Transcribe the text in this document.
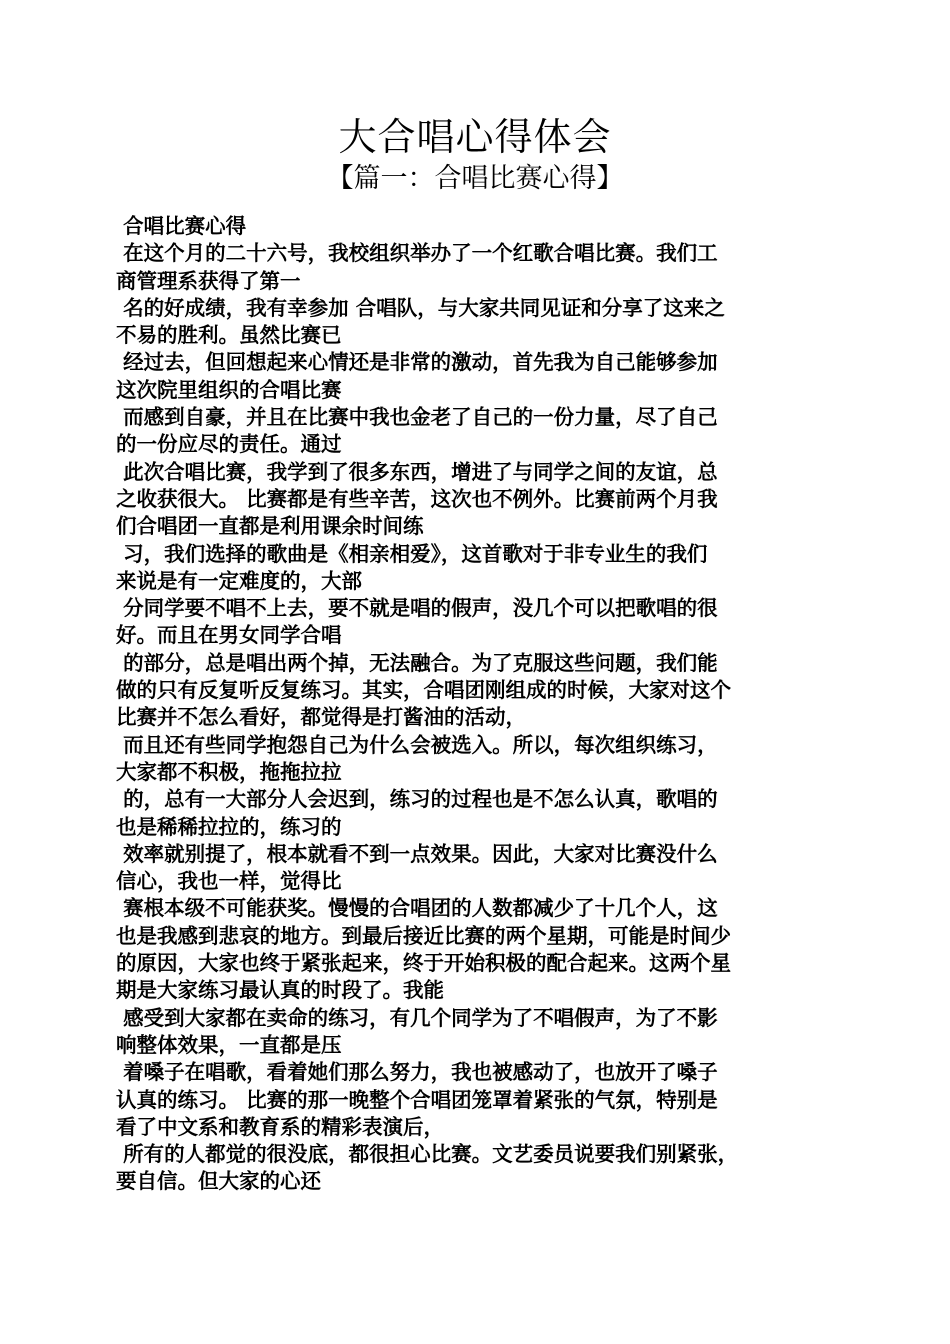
大合唱心得体会
【篇一：合唱比赛心得】
合唱比赛心得
在这个月的二十六号，我校组织举办了一个红歌合唱比赛。我们工
商管理系获得了第一
名的好成绩，我有幸参加 合唱队，与大家共同见证和分享了这来之
不易的胜利。虽然比赛已
经过去，但回想起来心情还是非常的激动，首先我为自己能够参加
这次院里组织的合唱比赛
而感到自豪，并且在比赛中我也金老了自己的一份力量，尽了自己
的一份应尽的责任。通过
此次合唱比赛，我学到了很多东西，增进了与同学之间的友谊，总
之收获很大。 比赛都是有些辛苦，这次也不例外。比赛前两个月我
们合唱团一直都是利用课余时间练
习，我们选择的歌曲是《相亲相爱》，这首歌对于非专业生的我们
来说是有一定难度的，大部
分同学要不唱不上去，要不就是唱的假声，没几个可以把歌唱的很
好。而且在男女同学合唱
的部分，总是唱出两个掉，无法融合。为了克服这些问题，我们能
做的只有反复听反复练习。其实，合唱团刚组成的时候，大家对这个
比赛并不怎么看好，都觉得是打酱油的活动，
而且还有些同学抱怨自己为什么会被选入。所以，每次组织练习，
大家都不积极，拖拖拉拉
的，总有一大部分人会迟到，练习的过程也是不怎么认真，歌唱的
也是稀稀拉拉的，练习的
效率就别提了，根本就看不到一点效果。因此，大家对比赛没什么
信心，我也一样，觉得比
赛根本级不可能获奖。慢慢的合唱团的人数都减少了十几个人，这
也是我感到悲哀的地方。到最后接近比赛的两个星期，可能是时间少
的原因，大家也终于紧张起来，终于开始积极的配合起来。这两个星
期是大家练习最认真的时段了。我能
感受到大家都在卖命的练习，有几个同学为了不唱假声，为了不影
响整体效果，一直都是压
着嗓子在唱歌，看着她们那么努力，我也被感动了，也放开了嗓子
认真的练习。 比赛的那一晚整个合唱团笼罩着紧张的气氛，特别是
看了中文系和教育系的精彩表演后，
所有的人都觉的很没底，都很担心比赛。文艺委员说要我们别紧张，
要自信。但大家的心还
